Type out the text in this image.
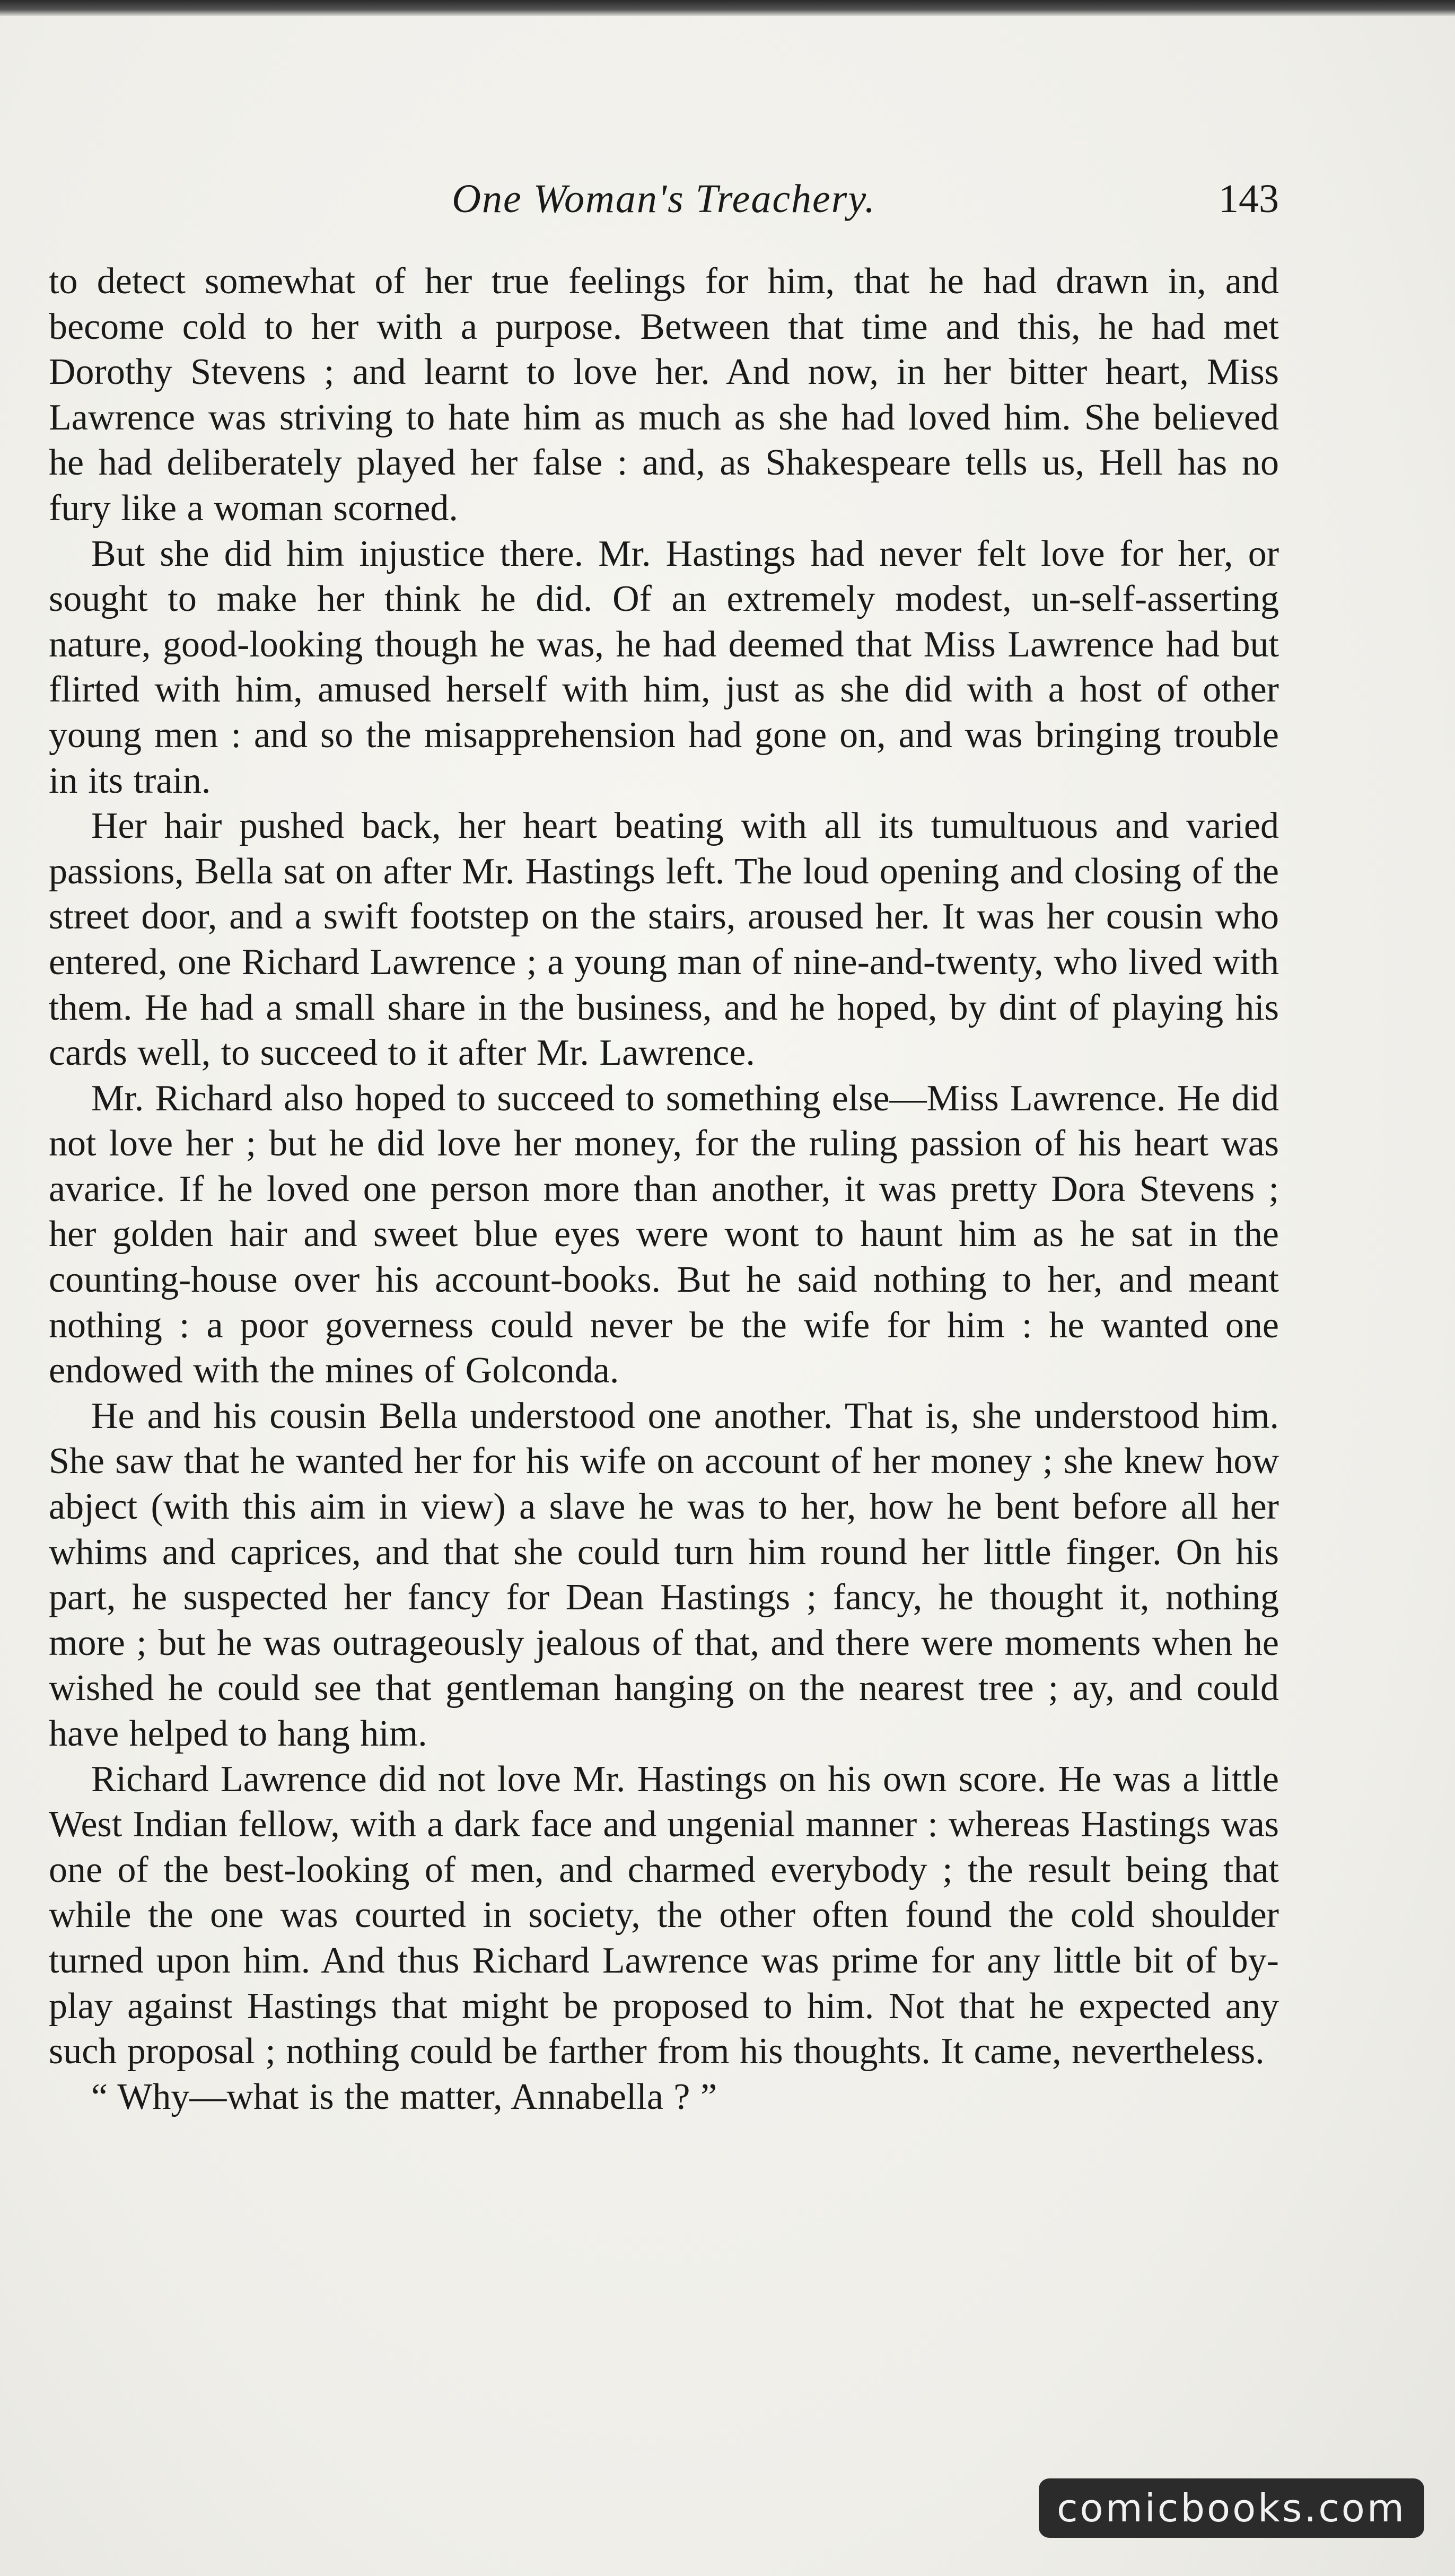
One Woman's Treachery.	143

to detect somewhat of her true feelings for him, that he had drawn in, and become cold to her with a purpose. Between that time and this, he had met Dorothy Stevens ; and learnt to love her. And now, in her bitter heart, Miss Lawrence was striving to hate him as much as she had loved him. She believed he had deliberately played her false : and, as Shakespeare tells us, Hell has no fury like a woman scorned.

But she did him injustice there. Mr. Hastings had never felt love for her, or sought to make her think he did. Of an extremely modest, un-self-asserting nature, good-looking though he was, he had deemed that Miss Lawrence had but flirted with him, amused herself with him, just as she did with a host of other young men : and so the misapprehension had gone on, and was bringing trouble in its train.

Her hair pushed back, her heart beating with all its tumultuous and varied passions, Bella sat on after Mr. Hastings left. The loud opening and closing of the street door, and a swift footstep on the stairs, aroused her. It was her cousin who entered, one Richard Lawrence ; a young man of nine-and-twenty, who lived with them. He had a small share in the business, and he hoped, by dint of playing his cards well, to succeed to it after Mr. Lawrence.

Mr. Richard also hoped to succeed to something else—Miss Lawrence. He did not love her ; but he did love her money, for the ruling passion of his heart was avarice. If he loved one person more than another, it was pretty Dora Stevens ; her golden hair and sweet blue eyes were wont to haunt him as he sat in the counting-house over his account-books. But he said nothing to her, and meant nothing : a poor governess could never be the wife for him : he wanted one endowed with the mines of Golconda.

He and his cousin Bella understood one another. That is, she understood him. She saw that he wanted her for his wife on account of her money ; she knew how abject (with this aim in view) a slave he was to her, how he bent before all her whims and caprices, and that she could turn him round her little finger. On his part, he suspected her fancy for Dean Hastings ; fancy, he thought it, nothing more ; but he was outrageously jealous of that, and there were moments when he wished he could see that gentleman hanging on the nearest tree ; ay, and could have helped to hang him.

Richard Lawrence did not love Mr. Hastings on his own score. He was a little West Indian fellow, with a dark face and ungenial manner : whereas Hastings was one of the best-looking of men, and charmed everybody ; the result being that while the one was courted in society, the other often found the cold shoulder turned upon him. And thus Richard Lawrence was prime for any little bit of by-play against Hastings that might be proposed to him. Not that he expected any such proposal ; nothing could be farther from his thoughts. It came, nevertheless.

“ Why—what is the matter, Annabella ? ”

comicbooks.com
